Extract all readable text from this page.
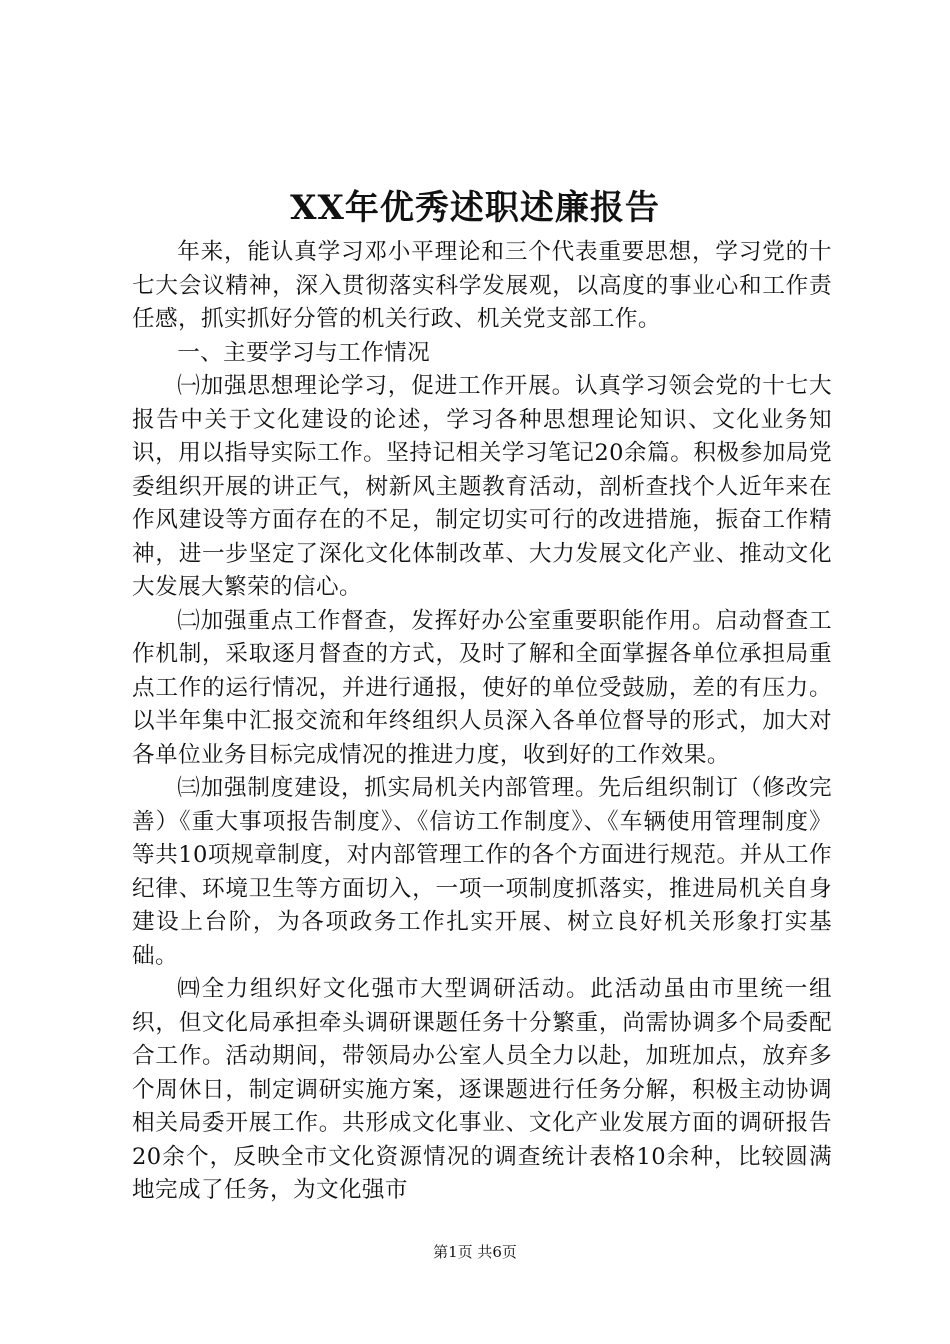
XX年优秀述职述廉报告

年来，能认真学习邓小平理论和三个代表重要思想，学习党的十七大会议精神，深入贯彻落实科学发展观，以高度的事业心和工作责任感，抓实抓好分管的机关行政、机关党支部工作。

一、主要学习与工作情况

㈠加强思想理论学习，促进工作开展。认真学习领会党的十七大报告中关于文化建设的论述，学习各种思想理论知识、文化业务知识，用以指导实际工作。坚持记相关学习笔记20余篇。积极参加局党委组织开展的讲正气，树新风主题教育活动，剖析查找个人近年来在作风建设等方面存在的不足，制定切实可行的改进措施，振奋工作精神，进一步坚定了深化文化体制改革、大力发展文化产业、推动文化大发展大繁荣的信心。

㈡加强重点工作督查，发挥好办公室重要职能作用。启动督查工作机制，采取逐月督查的方式，及时了解和全面掌握各单位承担局重点工作的运行情况，并进行通报，使好的单位受鼓励，差的有压力。以半年集中汇报交流和年终组织人员深入各单位督导的形式，加大对各单位业务目标完成情况的推进力度，收到好的工作效果。

㈢加强制度建设，抓实局机关内部管理。先后组织制订（修改完善）《重大事项报告制度》、《信访工作制度》、《车辆使用管理制度》等共10项规章制度，对内部管理工作的各个方面进行规范。并从工作纪律、环境卫生等方面切入，一项一项制度抓落实，推进局机关自身建设上台阶，为各项政务工作扎实开展、树立良好机关形象打实基础。

㈣全力组织好文化强市大型调研活动。此活动虽由市里统一组织，但文化局承担牵头调研课题任务十分繁重，尚需协调多个局委配合工作。活动期间，带领局办公室人员全力以赴，加班加点，放弃多个周休日，制定调研实施方案，逐课题进行任务分解，积极主动协调相关局委开展工作。共形成文化事业、文化产业发展方面的调研报告20余个，反映全市文化资源情况的调查统计表格10余种，比较圆满地完成了任务，为文化强市

第1页 共6页
